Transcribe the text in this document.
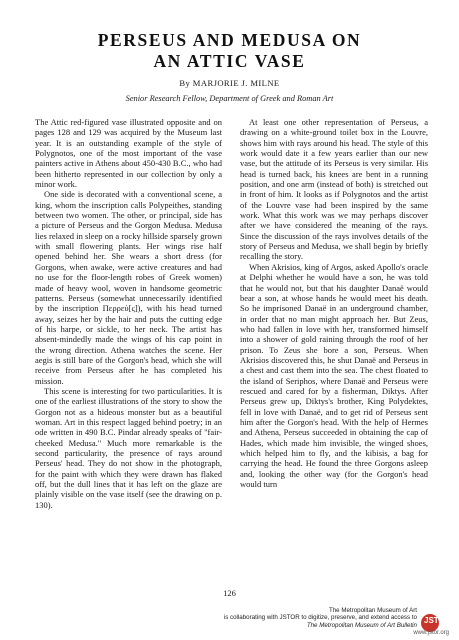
PERSEUS AND MEDUSA ON
AN ATTIC VASE
By MARJORIE J. MILNE
Senior Research Fellow, Department of Greek and Roman Art

The Attic red-figured vase illustrated opposite and on pages 128 and 129 was acquired by the Museum last year. It is an outstanding example of the style of Polygnotos, one of the most important of the vase painters active in Athens about 450-430 B.C., who had been hitherto represented in our collection by only a minor work.

One side is decorated with a conventional scene, a king, whom the inscription calls Polypeithes, standing between two women. The other, or principal, side has a picture of Perseus and the Gorgon Medusa. Medusa lies relaxed in sleep on a rocky hillside sparsely grown with small flowering plants. Her wings rise half opened behind her. She wears a short dress (for Gorgons, when awake, were active creatures and had no use for the floor-length robes of Greek women) made of heavy wool, woven in handsome geometric patterns. Perseus (somewhat unnecessarily identified by the inscription Περρεύ[ς]), with his head turned away, seizes her by the hair and puts the cutting edge of his harpe, or sickle, to her neck. The artist has absent-mindedly made the wings of his cap point in the wrong direction. Athena watches the scene. Her aegis is still bare of the Gorgon's head, which she will receive from Perseus after he has completed his mission.

This scene is interesting for two particularities. It is one of the earliest illustrations of the story to show the Gorgon not as a hideous monster but as a beautiful woman. Art in this respect lagged behind poetry; in an ode written in 490 B.C. Pindar already speaks of "fair-cheeked Medusa." Much more remarkable is the second particularity, the presence of rays around Perseus' head. They do not show in the photograph, for the paint with which they were drawn has flaked off, but the dull lines that it has left on the glaze are plainly visible on the vase itself (see the drawing on p. 130).

At least one other representation of Perseus, a drawing on a white-ground toilet box in the Louvre, shows him with rays around his head. The style of this work would date it a few years earlier than our new vase, but the attitude of its Perseus is very similar. His head is turned back, his knees are bent in a running position, and one arm (instead of both) is stretched out in front of him. It looks as if Polygnotos and the artist of the Louvre vase had been inspired by the same work. What this work was we may perhaps discover after we have considered the meaning of the rays. Since the discussion of the rays involves details of the story of Perseus and Medusa, we shall begin by briefly recalling the story.

When Akrisios, king of Argos, asked Apollo's oracle at Delphi whether he would have a son, he was told that he would not, but that his daughter Danaë would bear a son, at whose hands he would meet his death. So he imprisoned Danaë in an underground chamber, in order that no man might approach her. But Zeus, who had fallen in love with her, transformed himself into a shower of gold raining through the roof of her prison. To Zeus she bore a son, Perseus. When Akrisios discovered this, he shut Danaë and Perseus in a chest and cast them into the sea. The chest floated to the island of Seriphos, where Danaë and Perseus were rescued and cared for by a fisherman, Diktys. After Perseus grew up, Diktys's brother, King Polydektes, fell in love with Danaë, and to get rid of Perseus sent him after the Gorgon's head. With the help of Hermes and Athena, Perseus succeeded in obtaining the cap of Hades, which made him invisible, the winged shoes, which helped him to fly, and the kibisis, a bag for carrying the head. He found the three Gorgons asleep and, looking the other way (for the Gorgon's head would turn

126
The Metropolitan Museum of Art
is collaborating with JSTOR to digitize, preserve, and extend access to
The Metropolitan Museum of Art Bulletin
JSTOR
www.jstor.org
